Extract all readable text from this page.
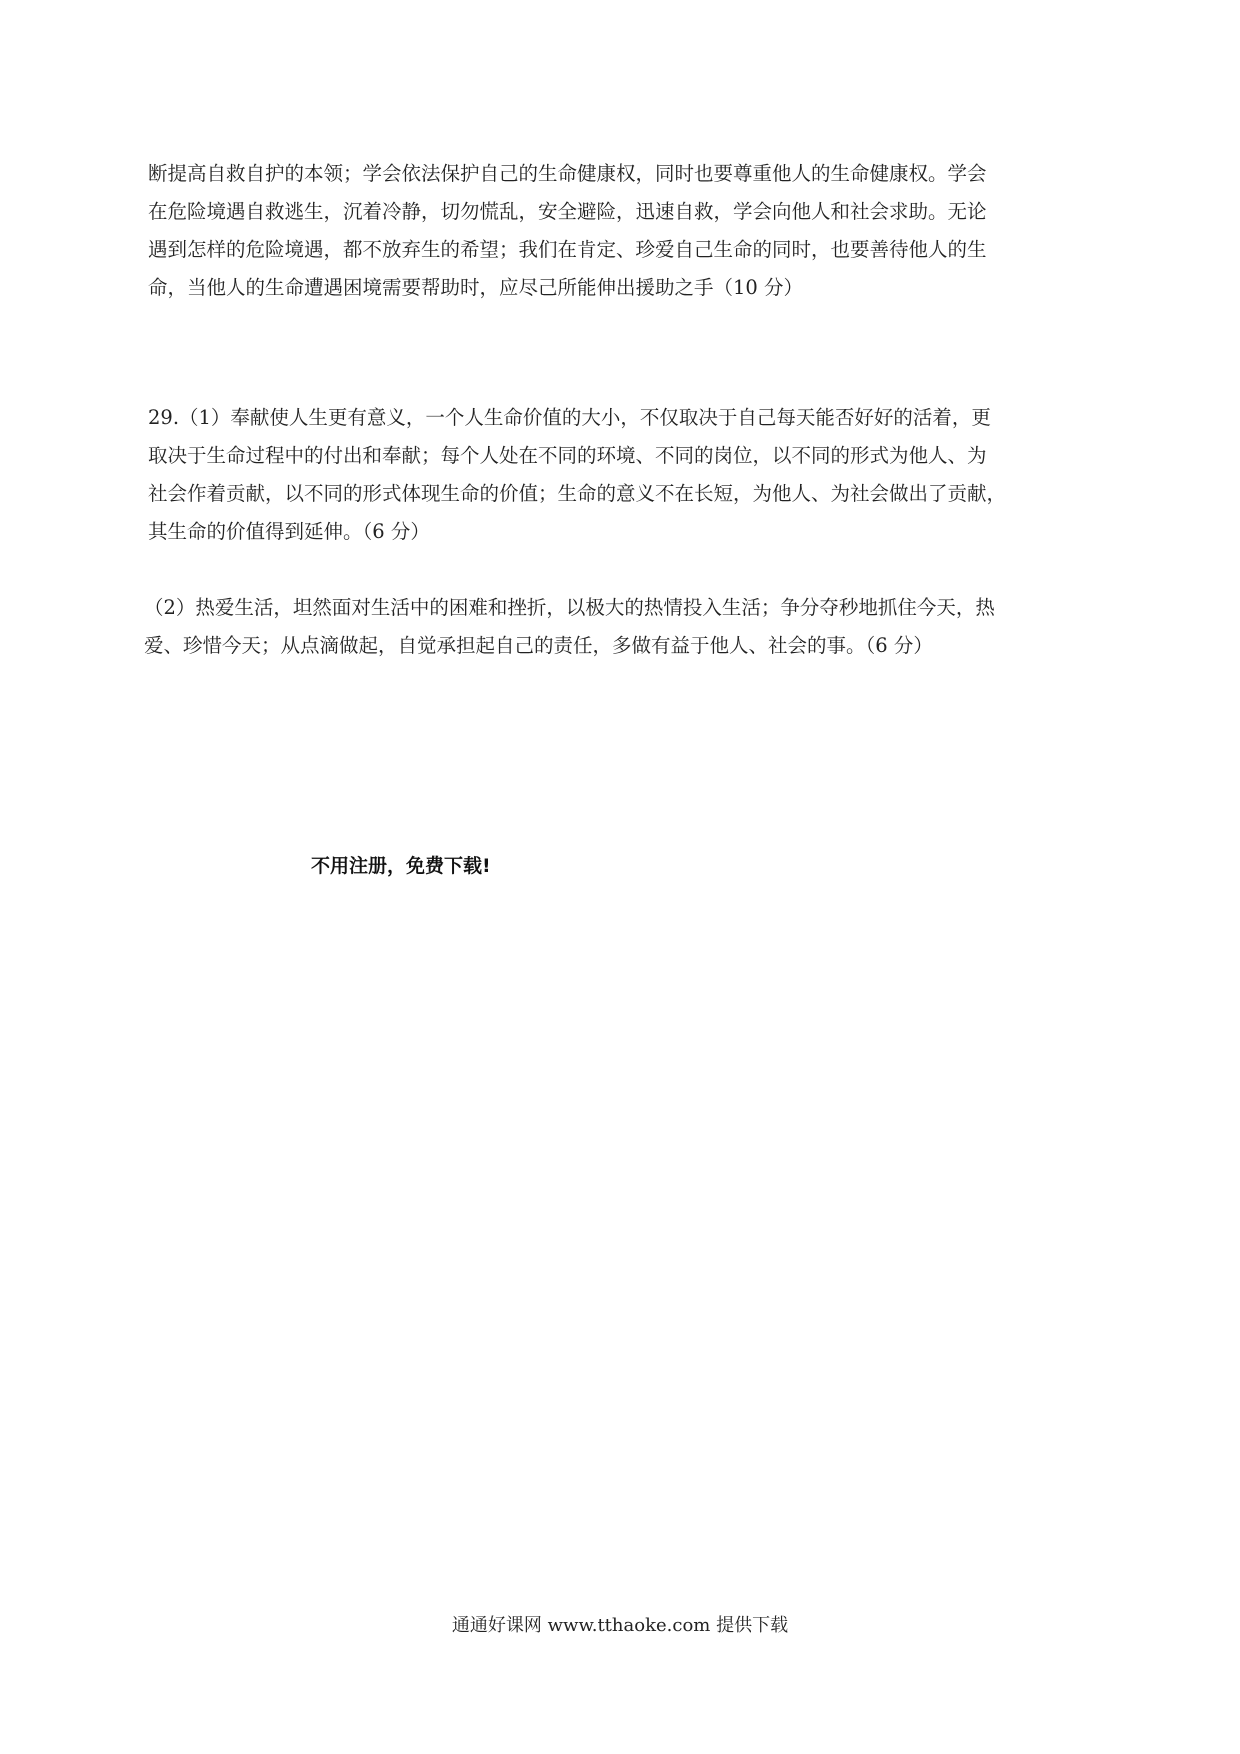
断提高自救自护的本领；学会依法保护自己的生命健康权，同时也要尊重他人的生命健康权。学会
在危险境遇自救逃生，沉着冷静，切勿慌乱，安全避险，迅速自救，学会向他人和社会求助。无论
遇到怎样的危险境遇，都不放弃生的希望；我们在肯定、珍爱自己生命的同时，也要善待他人的生
命，当他人的生命遭遇困境需要帮助时，应尽己所能伸出援助之手（10 分）
29.（1）奉献使人生更有意义，一个人生命价值的大小，不仅取决于自己每天能否好好的活着，更
取决于生命过程中的付出和奉献；每个人处在不同的环境、不同的岗位，以不同的形式为他人、为
社会作着贡献，以不同的形式体现生命的价值；生命的意义不在长短，为他人、为社会做出了贡献，
其生命的价值得到延伸。（6 分）
（2）热爱生活，坦然面对生活中的困难和挫折，以极大的热情投入生活；争分夺秒地抓住今天，热
爱、珍惜今天；从点滴做起，自觉承担起自己的责任，多做有益于他人、社会的事。（6 分）
不用注册，免费下载!
通通好课网 www.tthaoke.com 提供下载
